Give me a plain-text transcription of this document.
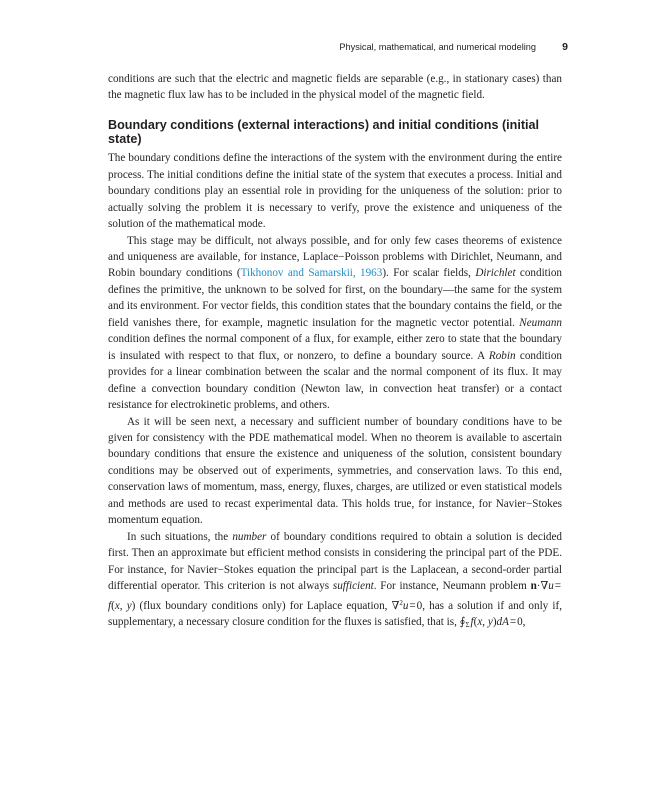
Physical, mathematical, and numerical modeling 9

conditions are such that the electric and magnetic fields are separable (e.g., in stationary cases) than the magnetic flux law has to be included in the physical model of the magnetic field.

Boundary conditions (external interactions) and initial conditions (initial state)

The boundary conditions define the interactions of the system with the environment during the entire process. The initial conditions define the initial state of the system that executes a process. Initial and boundary conditions play an essential role in providing for the uniqueness of the solution: prior to actually solving the problem it is necessary to verify, prove the existence and uniqueness of the solution of the mathematical mode.

This stage may be difficult, not always possible, and for only few cases theorems of existence and uniqueness are available, for instance, Laplace−Poisson problems with Dirichlet, Neumann, and Robin boundary conditions (Tikhonov and Samarskii, 1963). For scalar fields, Dirichlet condition defines the primitive, the unknown to be solved for first, on the boundary—the same for the system and its environment. For vector fields, this condition states that the boundary contains the field, or the field vanishes there, for example, magnetic insulation for the magnetic vector potential. Neumann condition defines the normal component of a flux, for example, either zero to state that the boundary is insulated with respect to that flux, or nonzero, to define a boundary source. A Robin condition provides for a linear combination between the scalar and the normal component of its flux. It may define a convection boundary condition (Newton law, in convection heat transfer) or a contact resistance for electrokinetic problems, and others.

As it will be seen next, a necessary and sufficient number of boundary conditions have to be given for consistency with the PDE mathematical model. When no theorem is available to ascertain boundary conditions that ensure the existence and uniqueness of the solution, consistent boundary conditions may be observed out of experiments, symmetries, and conservation laws. To this end, conservation laws of momentum, mass, energy, fluxes, charges, are utilized or even statistical models and methods are used to recast experimental data. This holds true, for instance, for Navier−Stokes momentum equation.

In such situations, the number of boundary conditions required to obtain a solution is decided first. Then an approximate but efficient method consists in considering the principal part of the PDE. For instance, for Navier−Stokes equation the principal part is the Laplacean, a second-order partial differential operator. This criterion is not always sufficient. For instance, Neumann problem n·∇u = f(x, y) (flux boundary conditions only) for Laplace equation, ∇$^2$u = 0, has a solution if and only if, supplementary, a necessary closure condition for the fluxes is satisfied, that is, $∮_\Sigma$ f(x, y)dA = 0,
